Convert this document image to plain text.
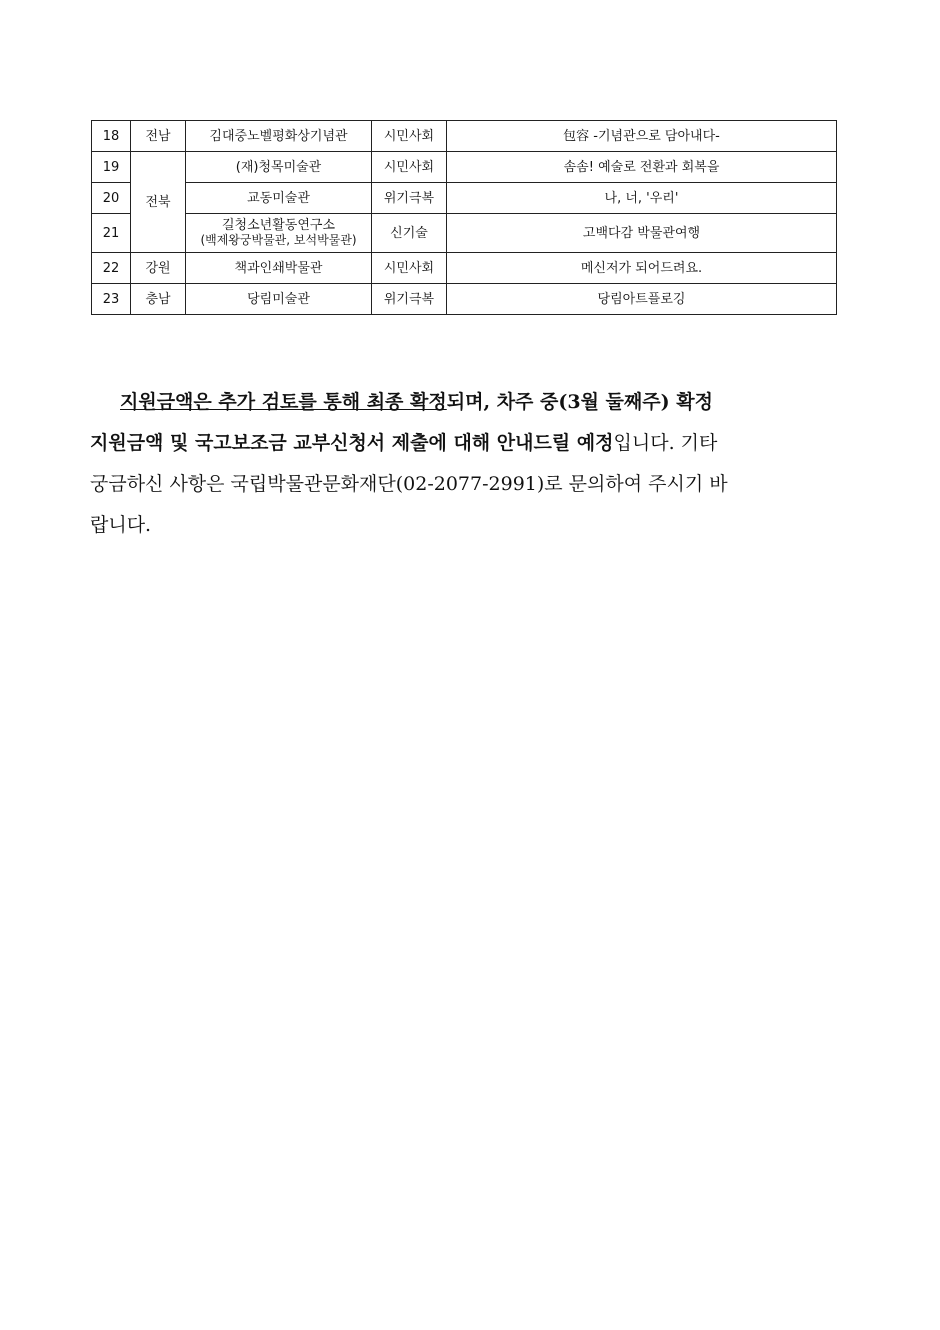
18	전남	김대중노벨평화상기념관	시민사회	包容 -기념관으로 담아내다-
19	전북	(재)청목미술관	시민사회	솜솜! 예술로 전환과 회복을
20		교동미술관	위기극복	나, 너, '우리'
21		길청소년활동연구소
(백제왕궁박물관, 보석박물관)	신기술	고백다감 박물관여행
22	강원	책과인쇄박물관	시민사회	메신저가 되어드려요.
23	충남	당림미술관	위기극복	당림아트플로깅
지원금액은 추가 검토를 통해 최종 확정되며, 차주 중(3월 둘째주) 확정
지원금액 및 국고보조금 교부신청서 제출에 대해 안내드릴 예정입니다. 기타
궁금하신 사항은 국립박물관문화재단(02-2077-2991)로 문의하여 주시기 바
랍니다.
